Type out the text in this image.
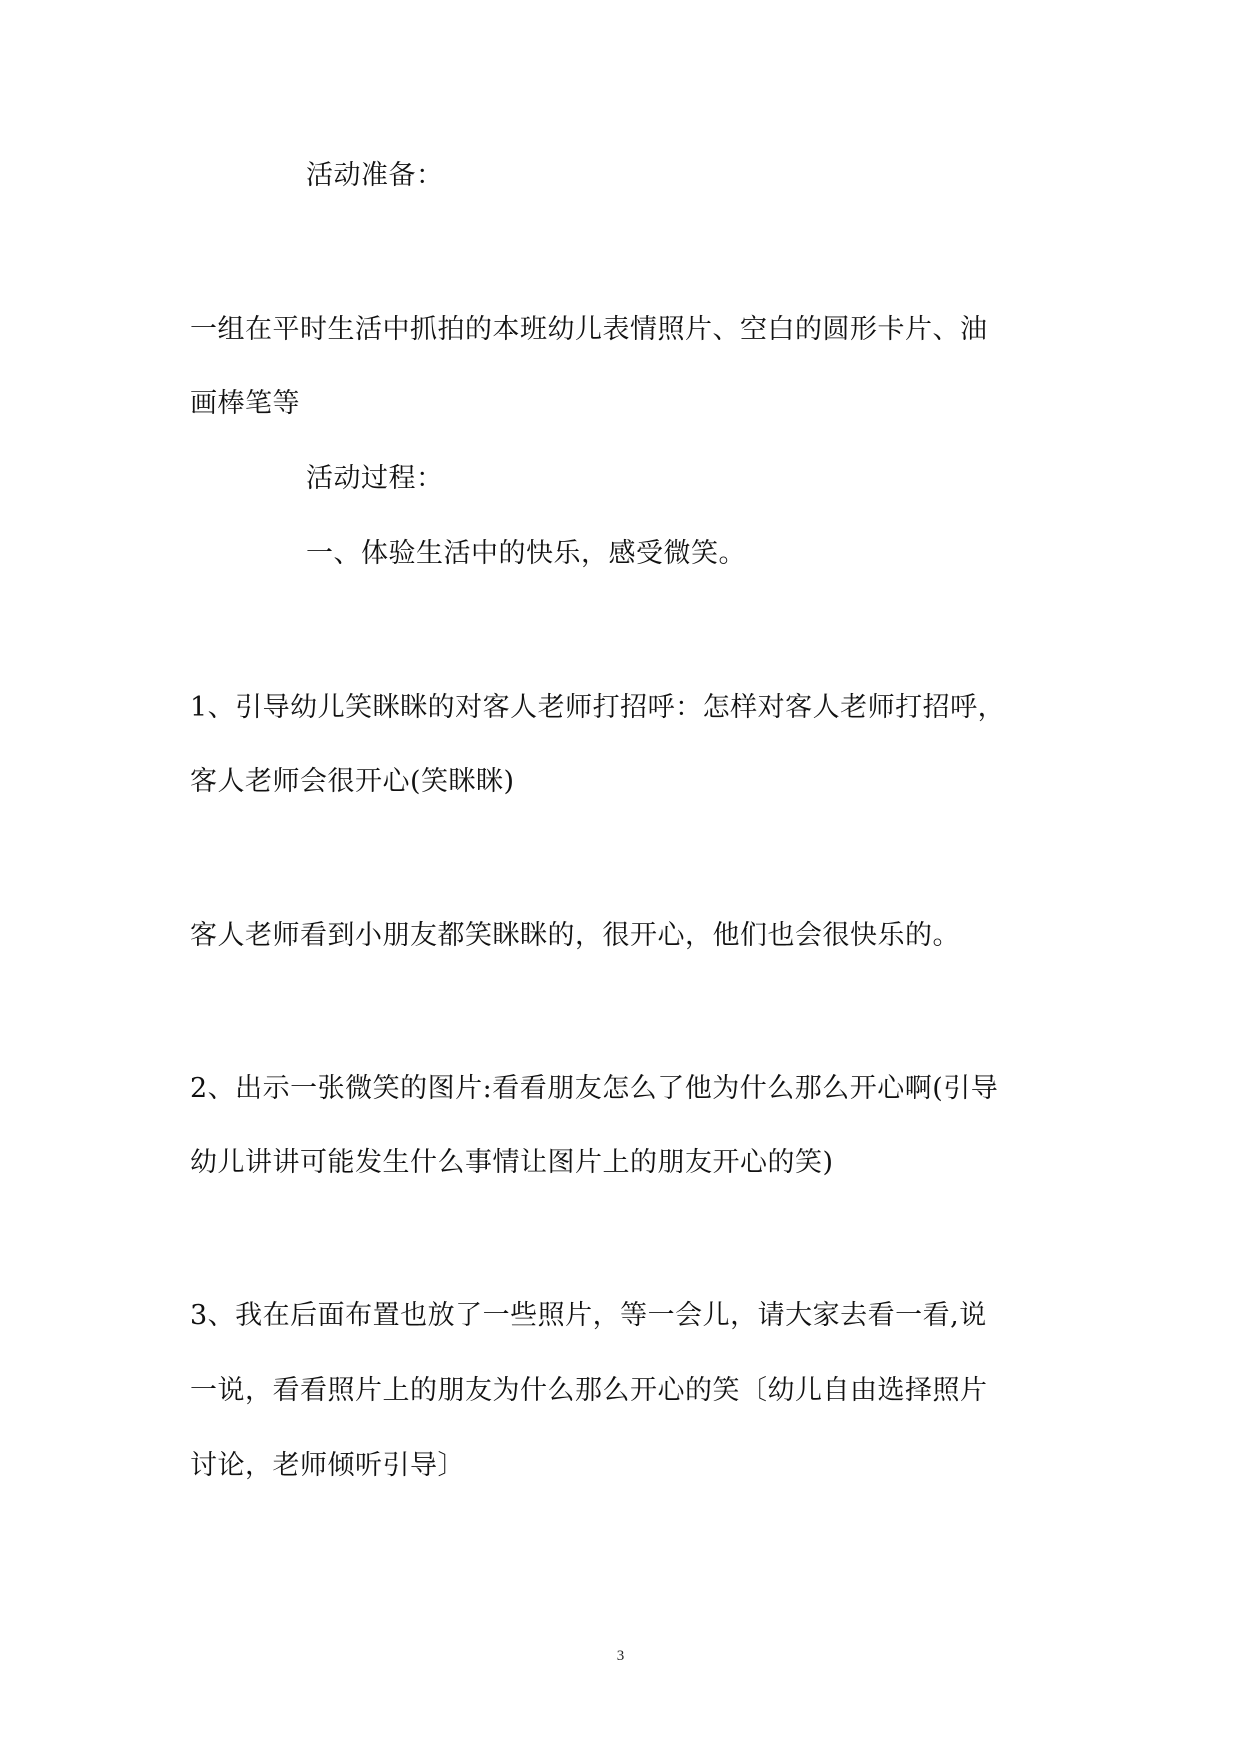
活动准备：
一组在平时生活中抓拍的本班幼儿表情照片、空白的圆形卡片、油
画棒笔等
活动过程：
一、体验生活中的快乐，感受微笑。
1、引导幼儿笑眯眯的对客人老师打招呼：怎样对客人老师打招呼，
客人老师会很开心(笑眯眯)
客人老师看到小朋友都笑眯眯的，很开心，他们也会很快乐的。
2、出示一张微笑的图片:看看朋友怎么了他为什么那么开心啊(引导
幼儿讲讲可能发生什么事情让图片上的朋友开心的笑)
3、我在后面布置也放了一些照片，等一会儿，请大家去看一看,说
一说，看看照片上的朋友为什么那么开心的笑〔幼儿自由选择照片
讨论，老师倾听引导〕
3
